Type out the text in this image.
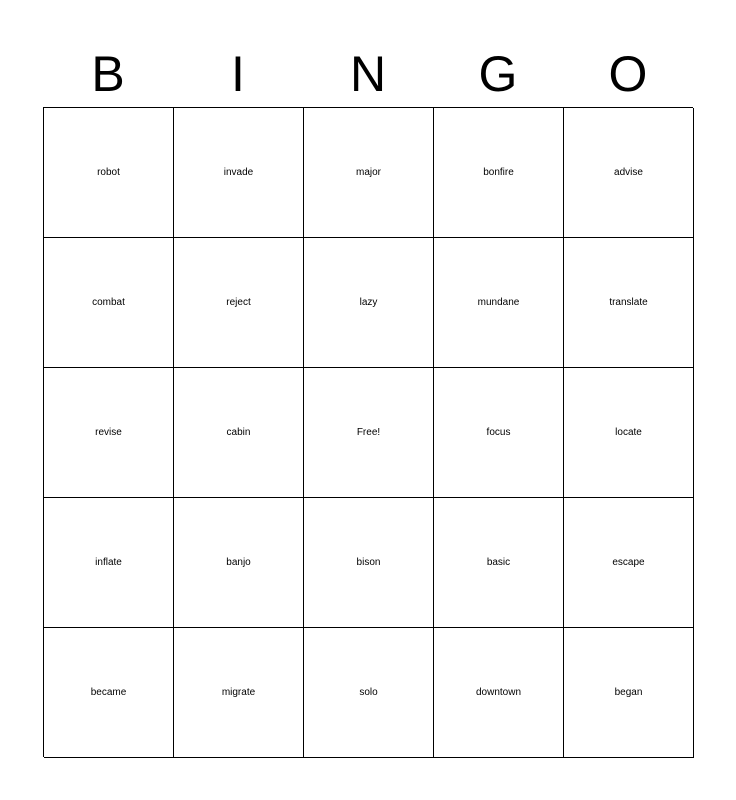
B	I	N	G	O
robot	invade	major	bonfire	advise
combat	reject	lazy	mundane	translate
revise	cabin	Free!	focus	locate
inflate	banjo	bison	basic	escape
became	migrate	solo	downtown	began
